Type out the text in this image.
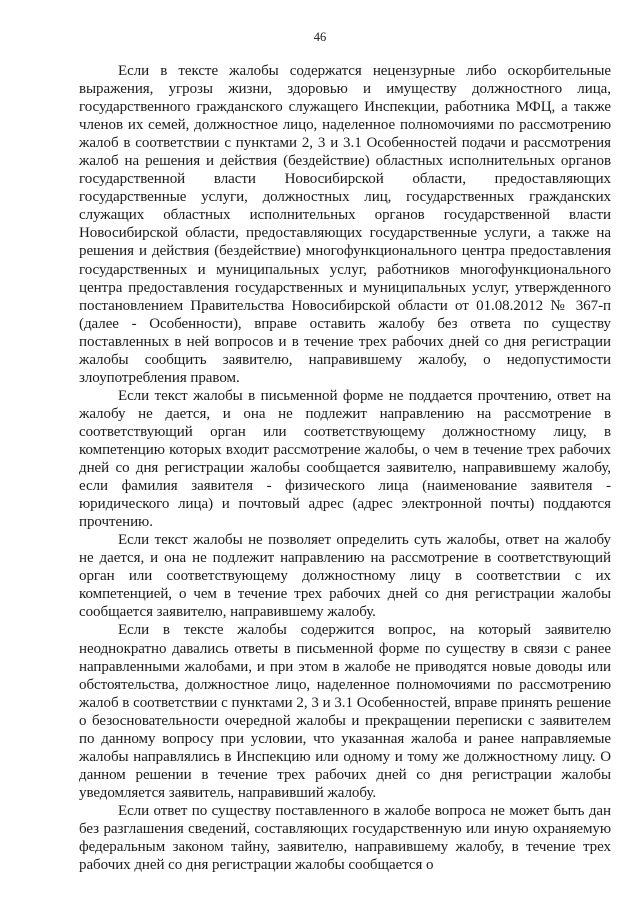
46

Если в тексте жалобы содержатся нецензурные либо оскорбительные выражения, угрозы жизни, здоровью и имуществу должностного лица, государственного гражданского служащего Инспекции, работника МФЦ, а также членов их семей, должностное лицо, наделенное полномочиями по рассмотрению жалоб в соответствии с пунктами 2, 3 и 3.1 Особенностей подачи и рассмотрения жалоб на решения и действия (бездействие) областных исполнительных органов государственной власти Новосибирской области, предоставляющих государственные услуги, должностных лиц, государственных гражданских служащих областных исполнительных органов государственной власти Новосибирской области, предоставляющих государственные услуги, а также на решения и действия (бездействие) многофункционального центра предоставления государственных и муниципальных услуг, работников многофункционального центра предоставления государственных и муниципальных услуг, утвержденного постановлением Правительства Новосибирской области от 01.08.2012 № 367-п (далее - Особенности), вправе оставить жалобу без ответа по существу поставленных в ней вопросов и в течение трех рабочих дней со дня регистрации жалобы сообщить заявителю, направившему жалобу, о недопустимости злоупотребления правом.

Если текст жалобы в письменной форме не поддается прочтению, ответ на жалобу не дается, и она не подлежит направлению на рассмотрение в соответствующий орган или соответствующему должностному лицу, в компетенцию которых входит рассмотрение жалобы, о чем в течение трех рабочих дней со дня регистрации жалобы сообщается заявителю, направившему жалобу, если фамилия заявителя - физического лица (наименование заявителя - юридического лица) и почтовый адрес (адрес электронной почты) поддаются прочтению.

Если текст жалобы не позволяет определить суть жалобы, ответ на жалобу не дается, и она не подлежит направлению на рассмотрение в соответствующий орган или соответствующему должностному лицу в соответствии с их компетенцией, о чем в течение трех рабочих дней со дня регистрации жалобы сообщается заявителю, направившему жалобу.

Если в тексте жалобы содержится вопрос, на который заявителю неоднократно давались ответы в письменной форме по существу в связи с ранее направленными жалобами, и при этом в жалобе не приводятся новые доводы или обстоятельства, должностное лицо, наделенное полномочиями по рассмотрению жалоб в соответствии с пунктами 2, 3 и 3.1 Особенностей, вправе принять решение о безосновательности очередной жалобы и прекращении переписки с заявителем по данному вопросу при условии, что указанная жалоба и ранее направляемые жалобы направлялись в Инспекцию или одному и тому же должностному лицу. О данном решении в течение трех рабочих дней со дня регистрации жалобы уведомляется заявитель, направивший жалобу.

Если ответ по существу поставленного в жалобе вопроса не может быть дан без разглашения сведений, составляющих государственную или иную охраняемую федеральным законом тайну, заявителю, направившему жалобу, в течение трех рабочих дней со дня регистрации жалобы сообщается о
